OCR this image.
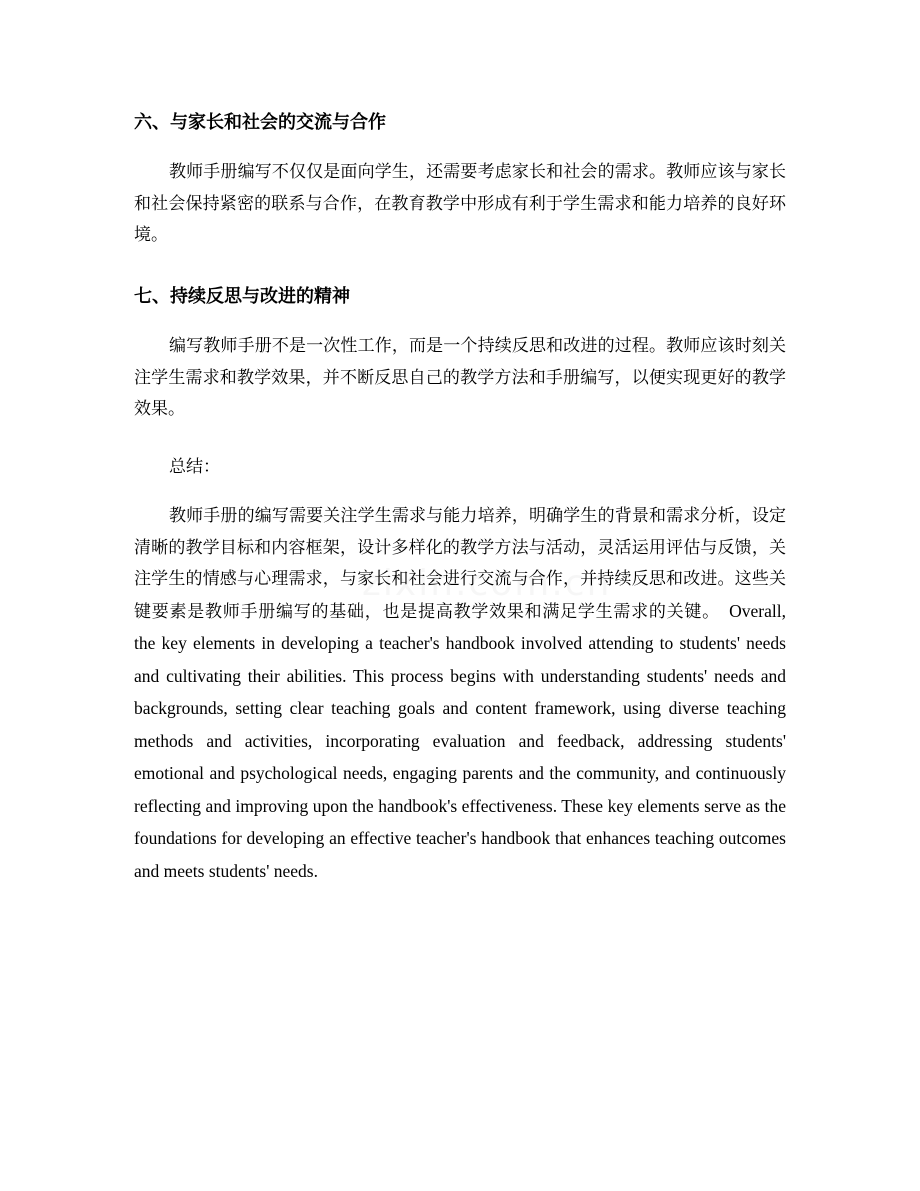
六、与家长和社会的交流与合作
教师手册编写不仅仅是面向学生，还需要考虑家长和社会的需求。教师应该与家长和社会保持紧密的联系与合作，在教育教学中形成有利于学生需求和能力培养的良好环境。
七、持续反思与改进的精神
编写教师手册不是一次性工作，而是一个持续反思和改进的过程。教师应该时刻关注学生需求和教学效果，并不断反思自己的教学方法和手册编写，以便实现更好的教学效果。
总结：
教师手册的编写需要关注学生需求与能力培养，明确学生的背景和需求分析，设定清晰的教学目标和内容框架，设计多样化的教学方法与活动，灵活运用评估与反馈，关注学生的情感与心理需求，与家长和社会进行交流与合作，并持续反思和改进。这些关键要素是教师手册编写的基础，也是提高教学效果和满足学生需求的关键。　 Overall, the key elements in developing a teacher's handbook involved attending to students' needs and cultivating their abilities. This process begins with understanding students' needs and backgrounds, setting clear teaching goals and content framework, using diverse teaching methods and activities, incorporating evaluation and feedback, addressing students' emotional and psychological needs, engaging parents and the community, and continuously reflecting and improving upon the handbook's effectiveness. These key elements serve as the foundations for developing an effective teacher's handbook that enhances teaching outcomes and meets students' needs.
